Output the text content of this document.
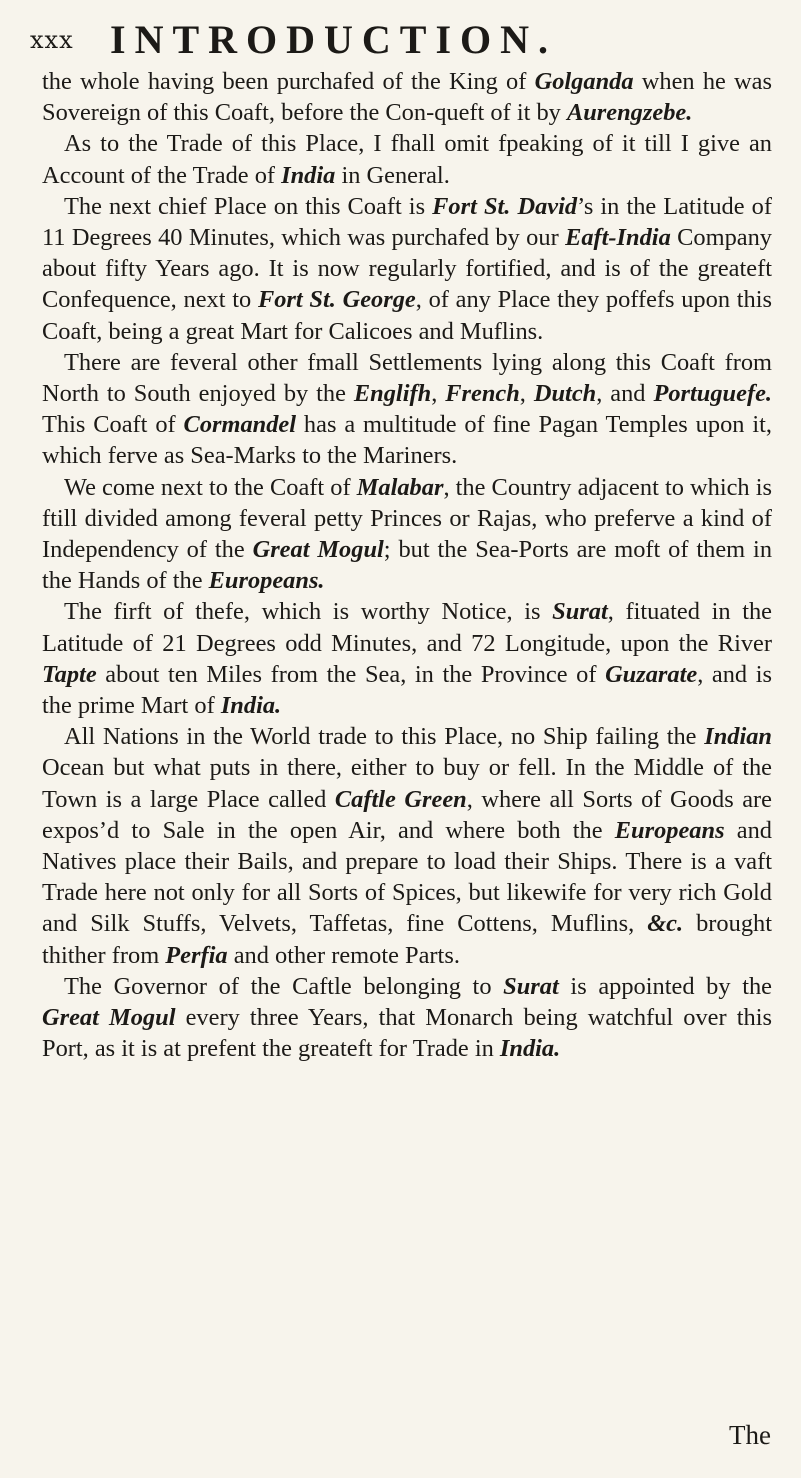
xxx INTRODUCTION.

the whole having been purchafed of the King of Golganda when he was Sovereign of this Coaft, before the Con-queft of it by Aurengzebe.

As to the Trade of this Place, I fhall omit fpeaking of it till I give an Account of the Trade of India in General.

The next chief Place on this Coaft is Fort St. David’s in the Latitude of 11 Degrees 40 Minutes, which was purchafed by our Eaft-India Company about fifty Years ago. It is now regularly fortified, and is of the greateft Confequence, next to Fort St. George, of any Place they poffefs upon this Coaft, being a great Mart for Calicoes and Muflins.

There are feveral other fmall Settlements lying along this Coaft from North to South enjoyed by the Englifh, French, Dutch, and Portuguefe. This Coaft of Cormandel has a multitude of fine Pagan Temples upon it, which ferve as Sea-Marks to the Mariners.

We come next to the Coaft of Malabar, the Country adjacent to which is ftill divided among feveral petty Princes or Rajas, who preferve a kind of Independency of the Great Mogul; but the Sea-Ports are moft of them in the Hands of the Europeans.

The firft of thefe, which is worthy Notice, is Surat, fituated in the Latitude of 21 Degrees odd Minutes, and 72 Longitude, upon the River Tapte about ten Miles from the Sea, in the Province of Guzarate, and is the prime Mart of India.

All Nations in the World trade to this Place, no Ship failing the Indian Ocean but what puts in there, either to buy or fell. In the Middle of the Town is a large Place called Caftle Green, where all Sorts of Goods are expos’d to Sale in the open Air, and where both the Europeans and Natives place their Bails, and prepare to load their Ships. There is a vaft Trade here not only for all Sorts of Spices, but likewife for very rich Gold and Silk Stuffs, Velvets, Taffetas, fine Cottens, Muflins, &c. brought thither from Perfia and other remote Parts.

The Governor of the Caftle belonging to Surat is appointed by the Great Mogul every three Years, that Monarch being watchful over this Port, as it is at prefent the greateft for Trade in India.

The
